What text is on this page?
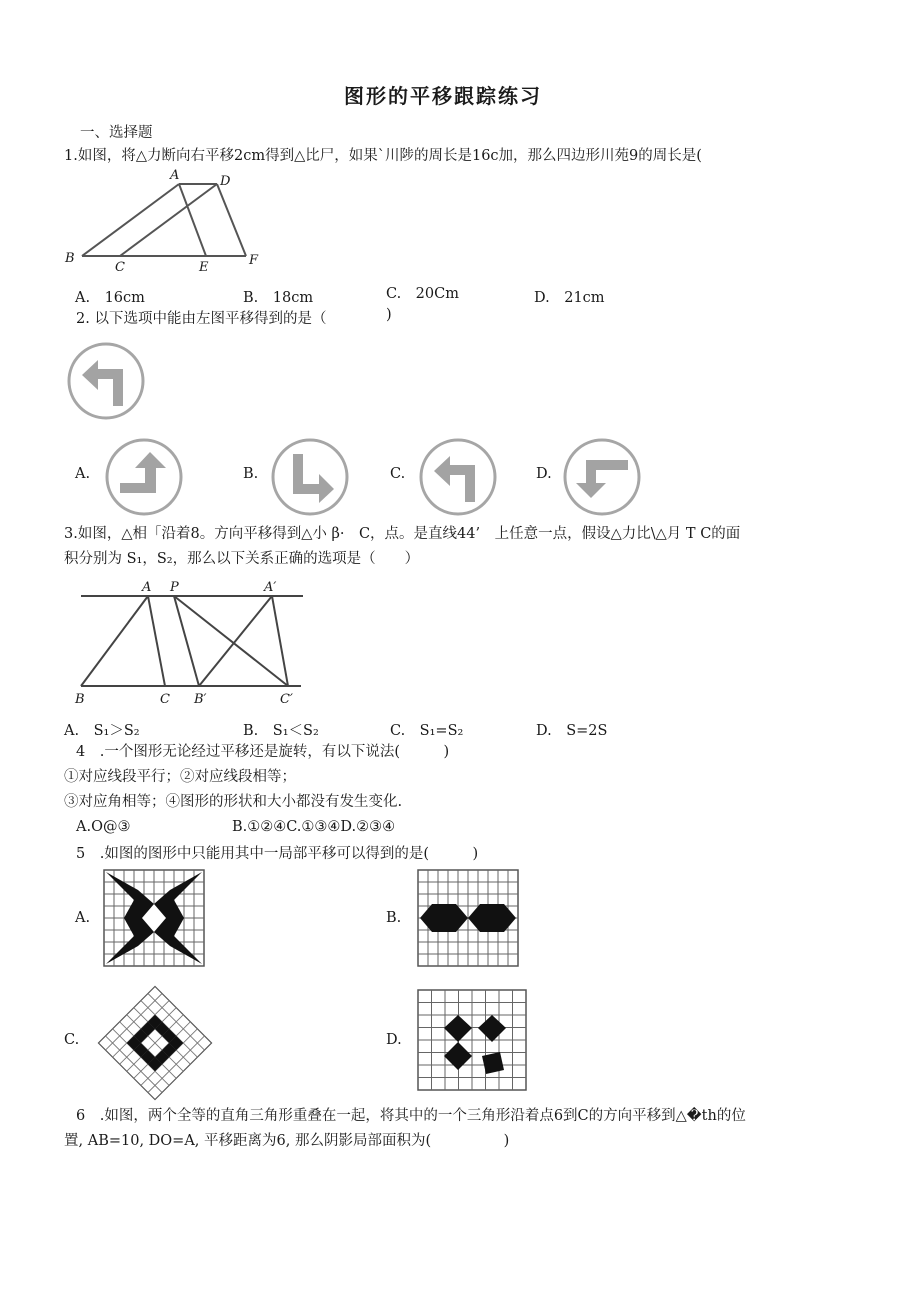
图形的平移跟踪练习
一、选择题
1.如图，将△力断向右平移2cm得到△比尸，如果`川陟的周长是16c加，那么四边形川苑9的周长是(
A	D
B
C	E	F
A.　16cm	B.　18cm	C.　20Cm	D.　21cm
2. 以下选项中能由左图平移得到的是（	)
A.	B.	C.	D.
3.如图，△相「沿着8。方向平移得到△小 β·　C，点。是直线44’　上任意一点，假设△力比\△月 T C的面
积分别为 S₁，S₂，那么以下关系正确的选项是（　　）
A P	A′
B	C B′	C′
A.　S₁＞S₂	B.　S₁＜S₂	C.　S₁=S₂	D.　S=2S
4　.一个图形无论经过平移还是旋转，有以下说法(　　　)
①对应线段平行；②对应线段相等；
③对应角相等；④图形的形状和大小都没有发生变化.
A.O@③　　　　　　　B.①②④C.①③④D.②③④
5　.如图的图形中只能用其中一局部平移可以得到的是(　　　)
A.	B.
C.	D.
6　.如图，两个全等的直角三角形重叠在一起，将其中的一个三角形沿着点6到C的方向平移到△�th的位
置, AB=10, DO=A, 平移距离为6, 那么阴影局部面积为(　　　　　)
